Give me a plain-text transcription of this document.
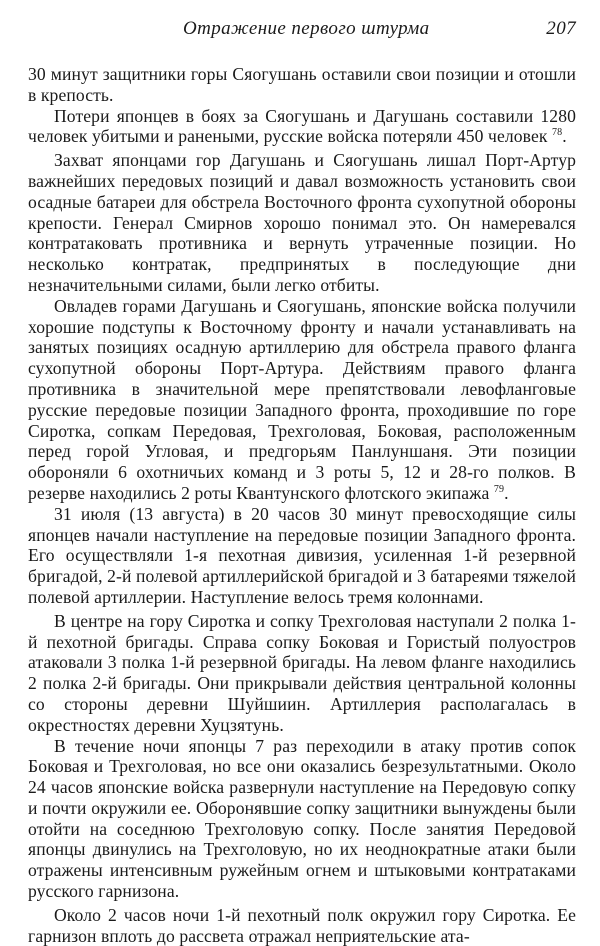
Отражение первого штурма	207

30 минут защитники горы Сяогушань оставили свои позиции и отошли в крепость.

Потери японцев в боях за Сяогушань и Дагушань составили 1280 человек убитыми и ранеными, русские войска потеряли 450 человек $^{78}$.

Захват японцами гор Дагушань и Сяогушань лишал Порт-Артур важнейших передовых позиций и давал возможность установить свои осадные батареи для обстрела Восточного фронта сухопутной обороны крепости. Генерал Смирнов хорошо понимал это. Он намеревался контратаковать противника и вернуть утраченные позиции. Но несколько контратак, предпринятых в последующие дни незначительными силами, были легко отбиты.

Овладев горами Дагушань и Сяогушань, японские войска получили хорошие подступы к Восточному фронту и начали устанавливать на занятых позициях осадную артиллерию для обстрела правого фланга сухопутной обороны Порт-Артура. Действиям правого фланга противника в значительной мере препятствовали левофланговые русские передовые позиции Западного фронта, проходившие по горе Сиротка, сопкам Передовая, Трехголовая, Боковая, расположенным перед горой Угловая, и предгорьям Панлуншаня. Эти позиции обороняли 6 охотничьих команд и 3 роты 5, 12 и 28-го полков. В резерве находились 2 роты Квантунского флотского экипажа $^{79}$.

31 июля (13 августа) в 20 часов 30 минут превосходящие силы японцев начали наступление на передовые позиции Западного фронта. Его осуществляли 1-я пехотная дивизия, усиленная 1-й резервной бригадой, 2-й полевой артиллерийской бригадой и 3 батареями тяжелой полевой артиллерии. Наступление велось тремя колоннами.

В центре на гору Сиротка и сопку Трехголовая наступали 2 полка 1-й пехотной бригады. Справа сопку Боковая и Гористый полуостров атаковали 3 полка 1-й резервной бригады. На левом фланге находились 2 полка 2-й бригады. Они прикрывали действия центральной колонны со стороны деревни Шуйшиин. Артиллерия располагалась в окрестностях деревни Хуцзятунь.

В течение ночи японцы 7 раз переходили в атаку против сопок Боковая и Трехголовая, но все они оказались безрезультатными. Около 24 часов японские войска развернули наступление на Передовую сопку и почти окружили ее. Оборонявшие сопку защитники вынуждены были отойти на соседнюю Трехголовую сопку. После занятия Передовой японцы двинулись на Трехголовую, но их неоднократные атаки были отражены интенсивным ружейным огнем и штыковыми контратаками русского гарнизона.

Около 2 часов ночи 1-й пехотный полк окружил гору Сиротка. Ее гарнизон вплоть до рассвета отражал неприятельские ата-
